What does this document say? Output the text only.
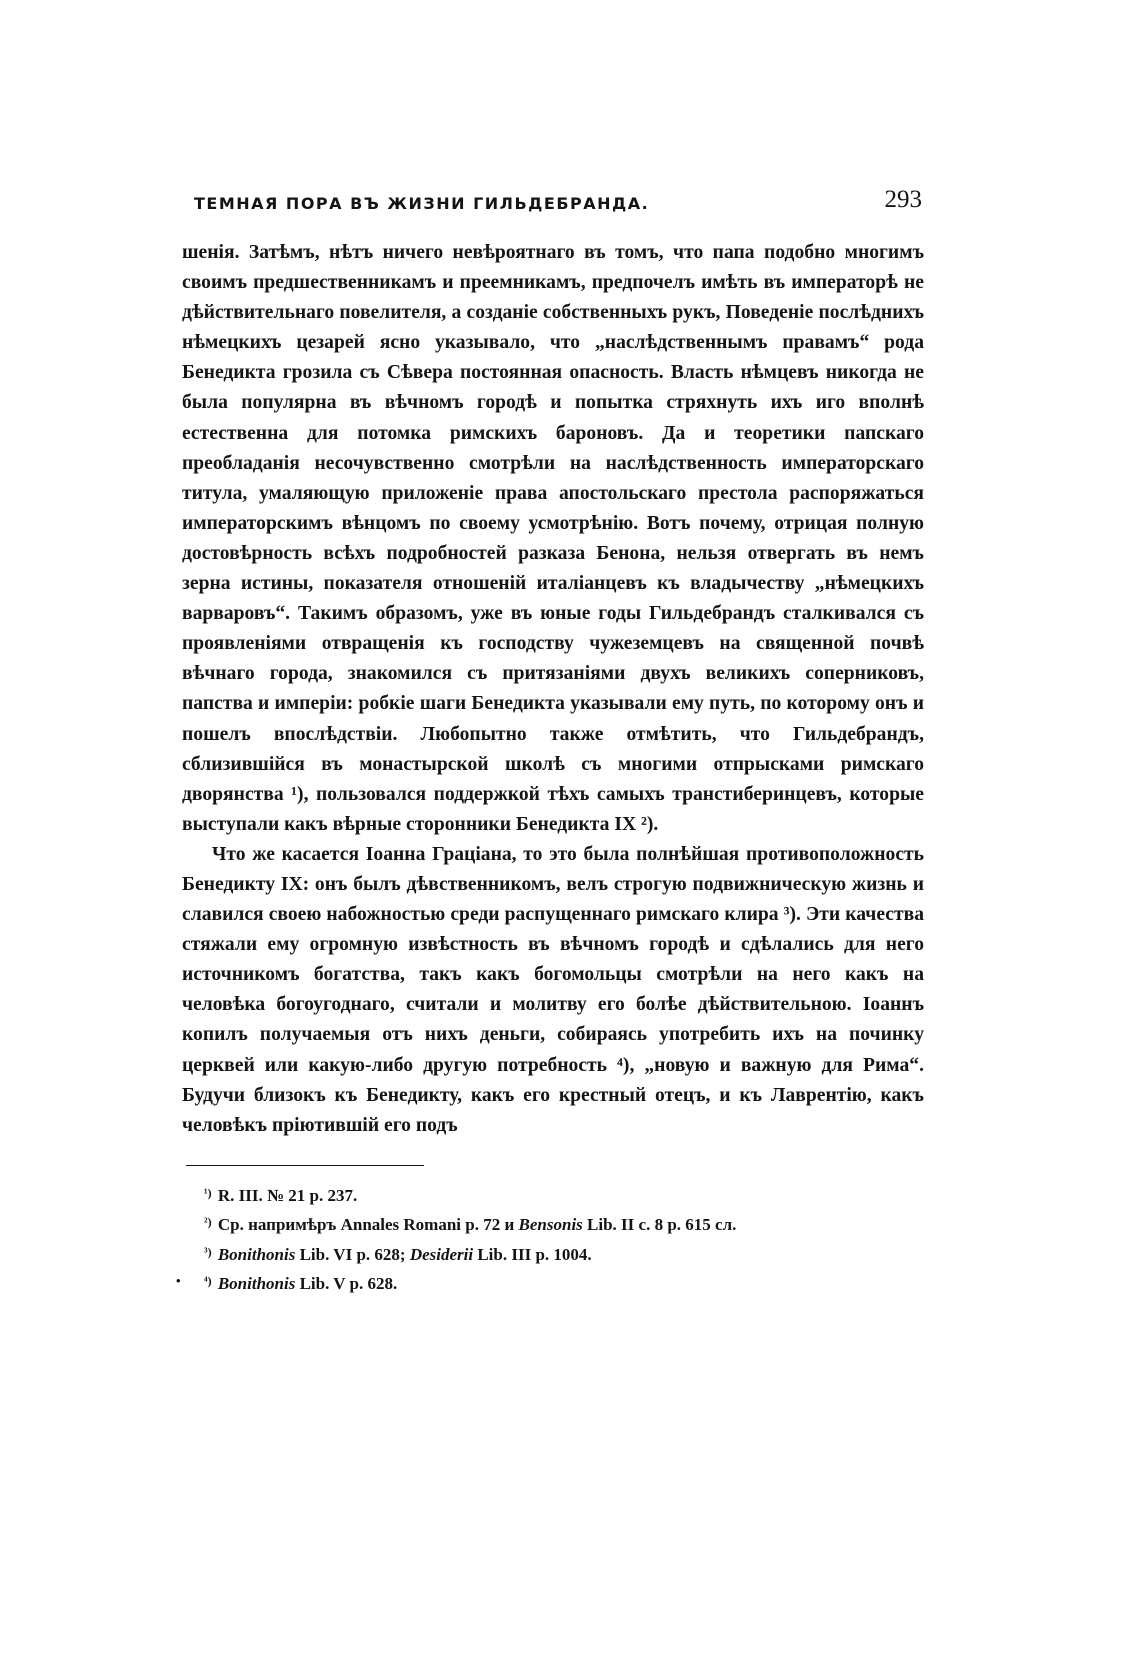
ТЕМНАЯ ПОРА ВЪ ЖИЗНИ ГИЛЬДЕБРАНДА.	293

шенія. Затѣмъ, нѣтъ ничего невѣроятнаго въ томъ, что папа подобно многимъ своимъ предшественникамъ и преемникамъ, предпочелъ имѣть въ императорѣ не дѣйствительнаго повелителя, а созданіе собственныхъ рукъ, Поведеніе послѣднихъ нѣмецкихъ цезарей ясно указывало, что „наслѣдственнымъ правамъ“ рода Бенедикта грозила съ Сѣвера постоянная опасность. Власть нѣмцевъ никогда не была популярна въ вѣчномъ городѣ и попытка стряхнуть ихъ иго вполнѣ естественна для потомка римскихъ бароновъ. Да и теоретики папскаго преобладанія несочувственно смотрѣли на наслѣдственность императорскаго титула, умаляющую приложеніе права апостольскаго престола распоряжаться императорскимъ вѣнцомъ по своему усмотрѣнію. Вотъ почему, отрицая полную достовѣрность всѣхъ подробностей разказа Бенона, нельзя отвергать въ немъ зерна истины, показателя отношеній италіанцевъ къ владычеству „нѣмецкихъ варваровъ“. Такимъ образомъ, уже въ юные годы Гильдебрандъ сталкивался съ проявленіями отвращенія къ господству чужеземцевъ на священной почвѣ вѣчнаго города, знакомился съ притязаніями двухъ великихъ соперниковъ, папства и имперіи: робкіе шаги Бенедикта указывали ему путь, по которому онъ и пошелъ впослѣдствіи. Любопытно также отмѣтить, что Гильдебрандъ, сблизившійся въ монастырской школѣ съ многими отпрысками римскаго дворянства ¹), пользовался поддержкой тѣхъ самыхъ транстиберинцевъ, которые выступали какъ вѣрные сторонники Бенедикта IX ²).

Что же касается Іоанна Граціана, то это была полнѣйшая противоположность Бенедикту IX: онъ былъ дѣвственникомъ, велъ строгую подвижническую жизнь и славился своею набожностью среди распущеннаго римскаго клира ³). Эти качества стяжали ему огромную извѣстность въ вѣчномъ городѣ и сдѣлались для него источникомъ богатства, такъ какъ богомольцы смотрѣли на него какъ на человѣка богоугоднаго, считали и молитву его болѣе дѣйствительною. Іоаннъ копилъ получаемыя отъ нихъ деньги, собираясь употребить ихъ на починку церквей или какую-либо другую потребность ⁴), „новую и важную для Рима“. Будучи близокъ къ Бенедикту, какъ его крестный отецъ, и къ Лаврентію, какъ человѣкъ пріютившій его подъ

$^{^1)}$ R. III. № 21 p. 237.
$^{^2)}$ Ср. напримѣръ Annales Romani p. 72 и Bensonis Lib. II c. 8 p. 615 сл.
$^{^3)}$ Bonithonis Lib. VI p. 628; Desiderii Lib. III p. 1004.
• $^{^4)}$ Bonithonis Lib. V p. 628.
